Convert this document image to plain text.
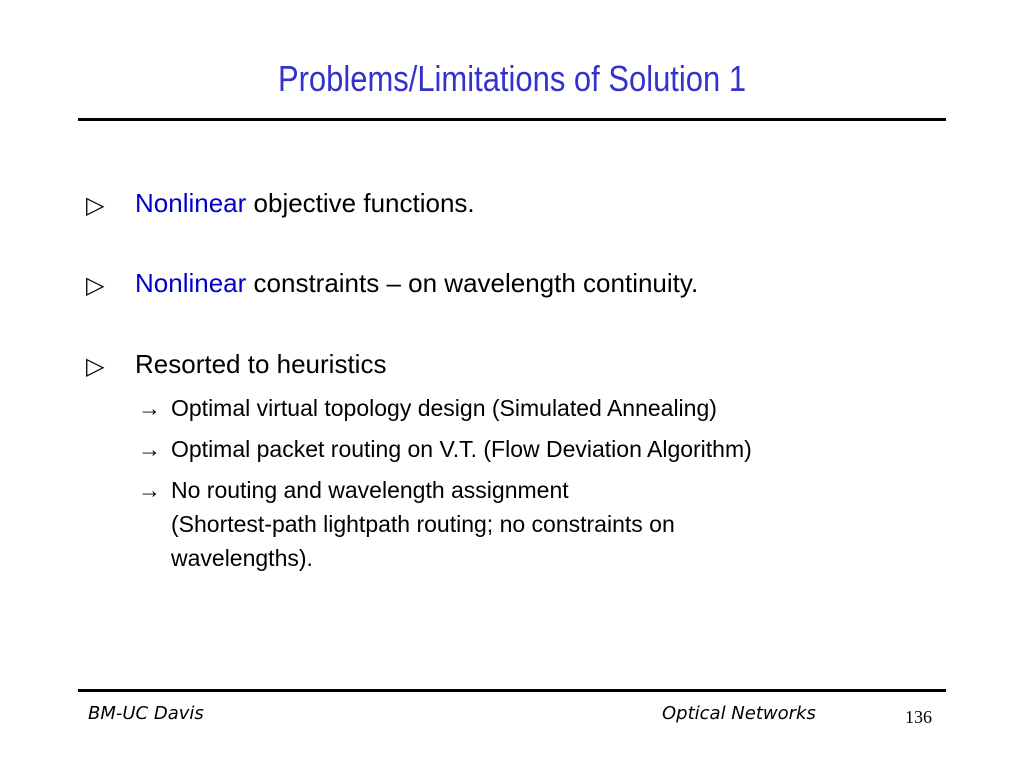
Problems/Limitations of Solution 1
▷ Nonlinear objective functions.
▷ Nonlinear constraints – on wavelength continuity.
▷ Resorted to heuristics
→ Optimal virtual topology design (Simulated Annealing)
→ Optimal packet routing on V.T. (Flow Deviation Algorithm)
→ No routing and wavelength assignment
(Shortest-path lightpath routing; no constraints on
wavelengths).
BM-UC Davis	Optical Networks	136
